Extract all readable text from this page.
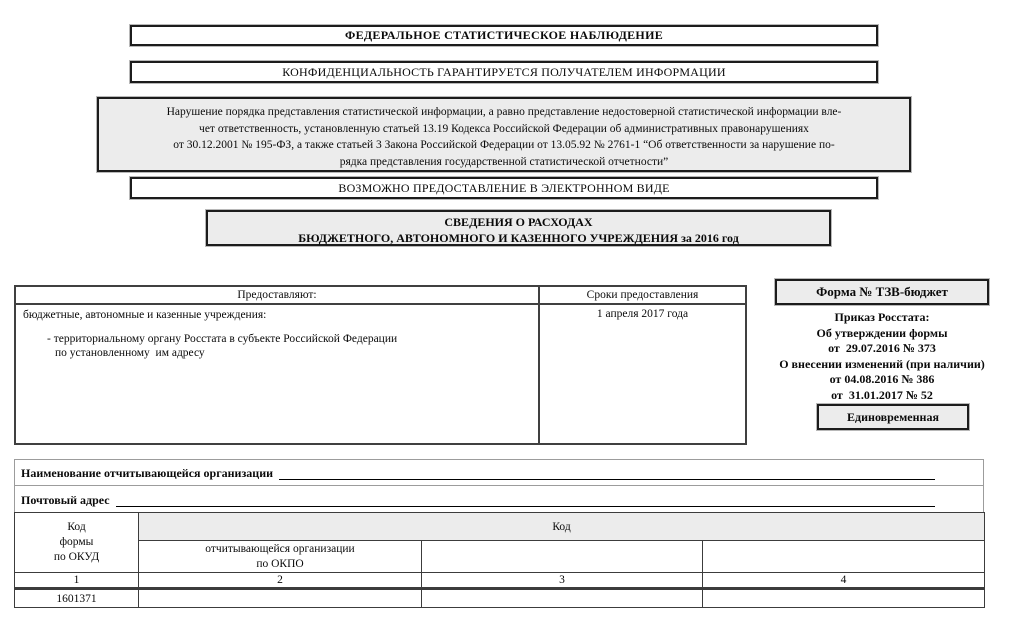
ФЕДЕРАЛЬНОЕ СТАТИСТИЧЕСКОЕ НАБЛЮДЕНИЕ
КОНФИДЕНЦИАЛЬНОСТЬ ГАРАНТИРУЕТСЯ ПОЛУЧАТЕЛЕМ ИНФОРМАЦИИ
Нарушение порядка представления статистической информации, а равно представление недостоверной статистической информации вле-
чет ответственность, установленную статьей 13.19 Кодекса Российской Федерации об административных правонарушениях
от 30.12.2001 № 195-ФЗ, а также статьей 3 Закона Российской Федерации от 13.05.92 № 2761-1 “Об ответственности за нарушение по-
рядка представления государственной статистической отчетности”
ВОЗМОЖНО ПРЕДОСТАВЛЕНИЕ В ЭЛЕКТРОННОМ ВИДЕ
СВЕДЕНИЯ О РАСХОДАХ
БЮДЖЕТНОГО, АВТОНОМНОГО И КАЗЕННОГО УЧРЕЖДЕНИЯ за 2016 год
Предоставляют:	Сроки предоставления

бюджетные, автономные и казенные учреждения:
- территориальному органу Росстата в субъекте Российской Федерации
по установленному  им адресу	1 апреля 2017 года
Форма № ТЗВ-бюджет
Приказ Росстата:
Об утверждении формы
от  29.07.2016 № 373
О внесении изменений (при наличии)
от 04.08.2016 № 386
от  31.01.2017 № 52
Единовременная
Наименование отчитывающейся организации
Почтовый адрес
Код
формы
по ОКУД	Код		

	отчитывающейся организации
по ОКПО		

1	2	3	4
1601371			
